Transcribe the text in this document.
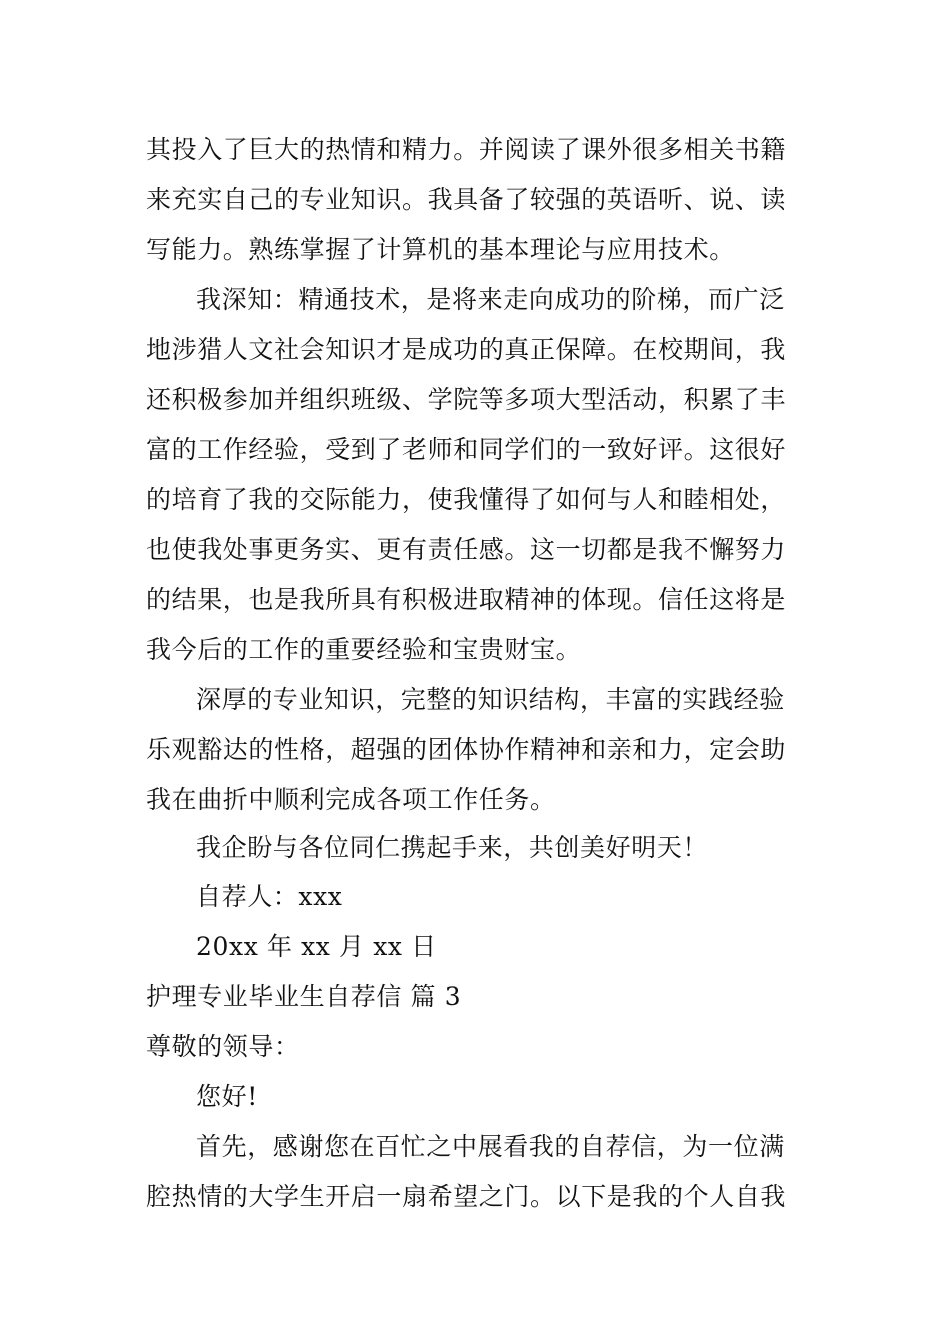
其投入了巨大的热情和精力。并阅读了课外很多相关书籍
来充实自己的专业知识。我具备了较强的英语听、说、读
写能力。熟练掌握了计算机的基本理论与应用技术。
我深知：精通技术，是将来走向成功的阶梯，而广泛
地涉猎人文社会知识才是成功的真正保障。在校期间，我
还积极参加并组织班级、学院等多项大型活动，积累了丰
富的工作经验，受到了老师和同学们的一致好评。这很好
的培育了我的交际能力，使我懂得了如何与人和睦相处，
也使我处事更务实、更有责任感。这一切都是我不懈努力
的结果，也是我所具有积极进取精神的体现。信任这将是
我今后的工作的重要经验和宝贵财宝。
深厚的专业知识，完整的知识结构，丰富的实践经验
乐观豁达的性格，超强的团体协作精神和亲和力，定会助
我在曲折中顺利完成各项工作任务。
我企盼与各位同仁携起手来，共创美好明天！
自荐人：xxx
20xx 年 xx 月 xx 日
护理专业毕业生自荐信 篇 3
尊敬的领导：
您好!
首先，感谢您在百忙之中展看我的自荐信，为一位满
腔热情的大学生开启一扇希望之门。以下是我的个人自我
